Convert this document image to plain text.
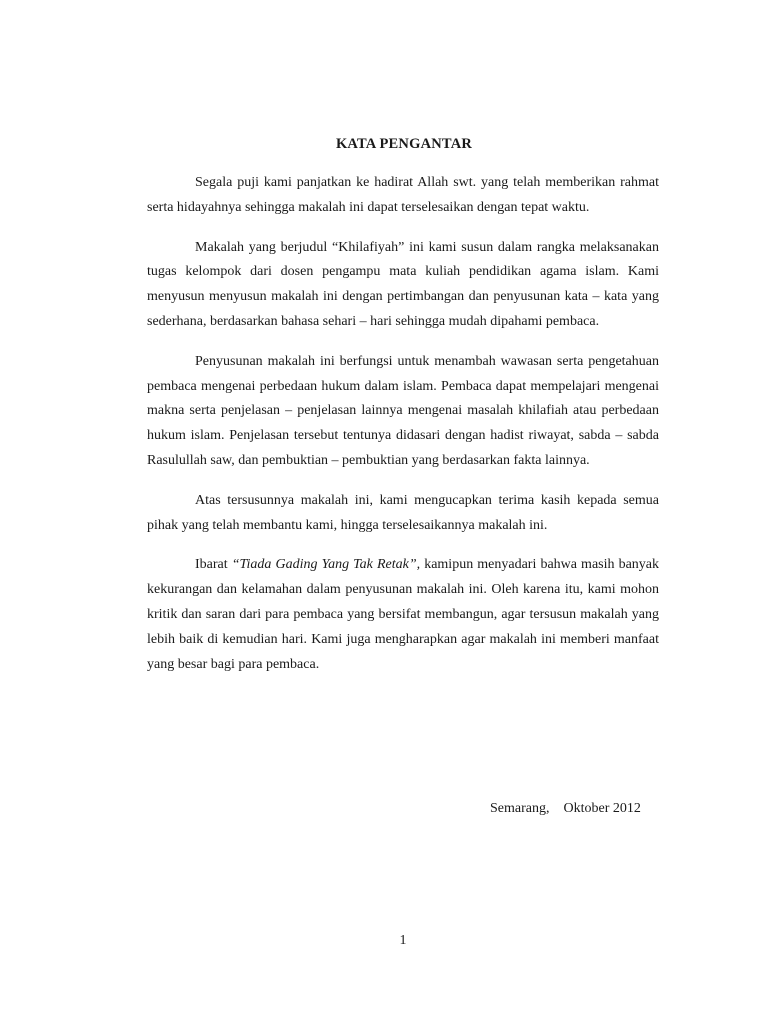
KATA PENGANTAR

Segala puji kami panjatkan ke hadirat Allah swt. yang telah memberikan rahmat serta hidayahnya sehingga makalah ini dapat terselesaikan dengan tepat waktu.

Makalah yang berjudul “Khilafiyah” ini kami susun dalam rangka melaksanakan tugas kelompok dari dosen pengampu mata kuliah pendidikan agama islam. Kami menyusun menyusun makalah ini dengan pertimbangan dan penyusunan kata – kata yang sederhana, berdasarkan bahasa sehari – hari sehingga mudah dipahami pembaca.

Penyusunan makalah ini berfungsi untuk menambah wawasan serta pengetahuan pembaca mengenai perbedaan hukum dalam islam. Pembaca dapat mempelajari mengenai makna serta penjelasan – penjelasan lainnya mengenai masalah khilafiah atau perbedaan hukum islam. Penjelasan tersebut tentunya didasari dengan hadist riwayat, sabda – sabda Rasulullah saw, dan pembuktian – pembuktian yang berdasarkan fakta lainnya.

Atas tersusunnya makalah ini, kami mengucapkan terima kasih kepada semua pihak yang telah membantu kami, hingga terselesaikannya makalah ini.

Ibarat “Tiada Gading Yang Tak Retak”, kamipun menyadari bahwa masih banyak kekurangan dan kelamahan dalam penyusunan makalah ini. Oleh karena itu, kami mohon kritik dan saran dari para pembaca yang bersifat membangun, agar tersusun makalah yang lebih baik di kemudian hari. Kami juga mengharapkan agar makalah ini memberi manfaat yang besar bagi para pembaca.

Semarang, Oktober 2012
1
